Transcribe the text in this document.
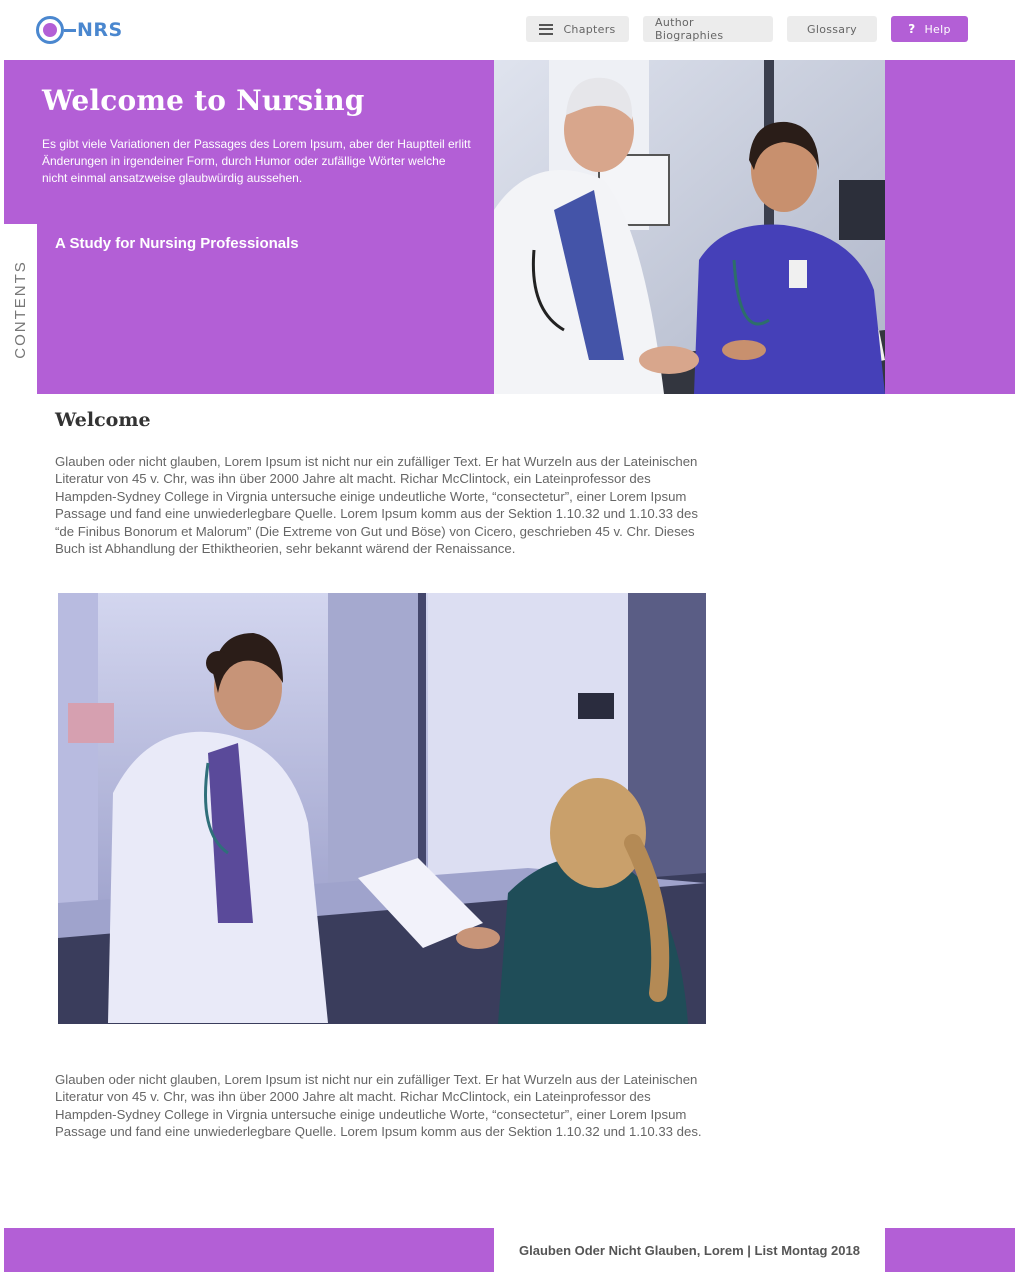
NRS	Chapters	Author Biographies	Glossary	? Help
Welcome to Nursing

Es gibt viele Variationen der Passages des Lorem Ipsum, aber der Hauptteil erlitt Änderungen in irgendeiner Form, durch Humor oder zufällige Wörter welche nicht einmal ansatzweise glaubwürdig aussehen.

A Study for Nursing Professionals
CONTENTS
Welcome

Glauben oder nicht glauben, Lorem Ipsum ist nicht nur ein zufälliger Text. Er hat Wurzeln aus der Lateinischen Literatur von 45 v. Chr, was ihn über 2000 Jahre alt macht. Richar McClintock, ein Lateinprofessor des Hampden-Sydney College in Virgnia untersuche einige undeutliche Worte, “consectetur”, einer Lorem Ipsum Passage und fand eine unwiederlegbare Quelle. Lorem Ipsum komm aus der Sektion 1.10.32 und 1.10.33 des “de Finibus Bonorum et Malorum” (Die Extreme von Gut und Böse) von Cicero, geschrieben 45 v. Chr. Dieses Buch ist Abhandlung der Ethiktheorien, sehr bekannt wärend der Renaissance.

Glauben oder nicht glauben, Lorem Ipsum ist nicht nur ein zufälliger Text. Er hat Wurzeln aus der Lateinischen Literatur von 45 v. Chr, was ihn über 2000 Jahre alt macht. Richar McClintock, ein Lateinprofessor des Hampden-Sydney College in Virgnia untersuche einige undeutliche Worte, “consectetur”, einer Lorem Ipsum Passage und fand eine unwiederlegbare Quelle. Lorem Ipsum komm aus der Sektion 1.10.32 und 1.10.33 des.

Glauben Oder Nicht Glauben, Lorem | List Montag 2018
